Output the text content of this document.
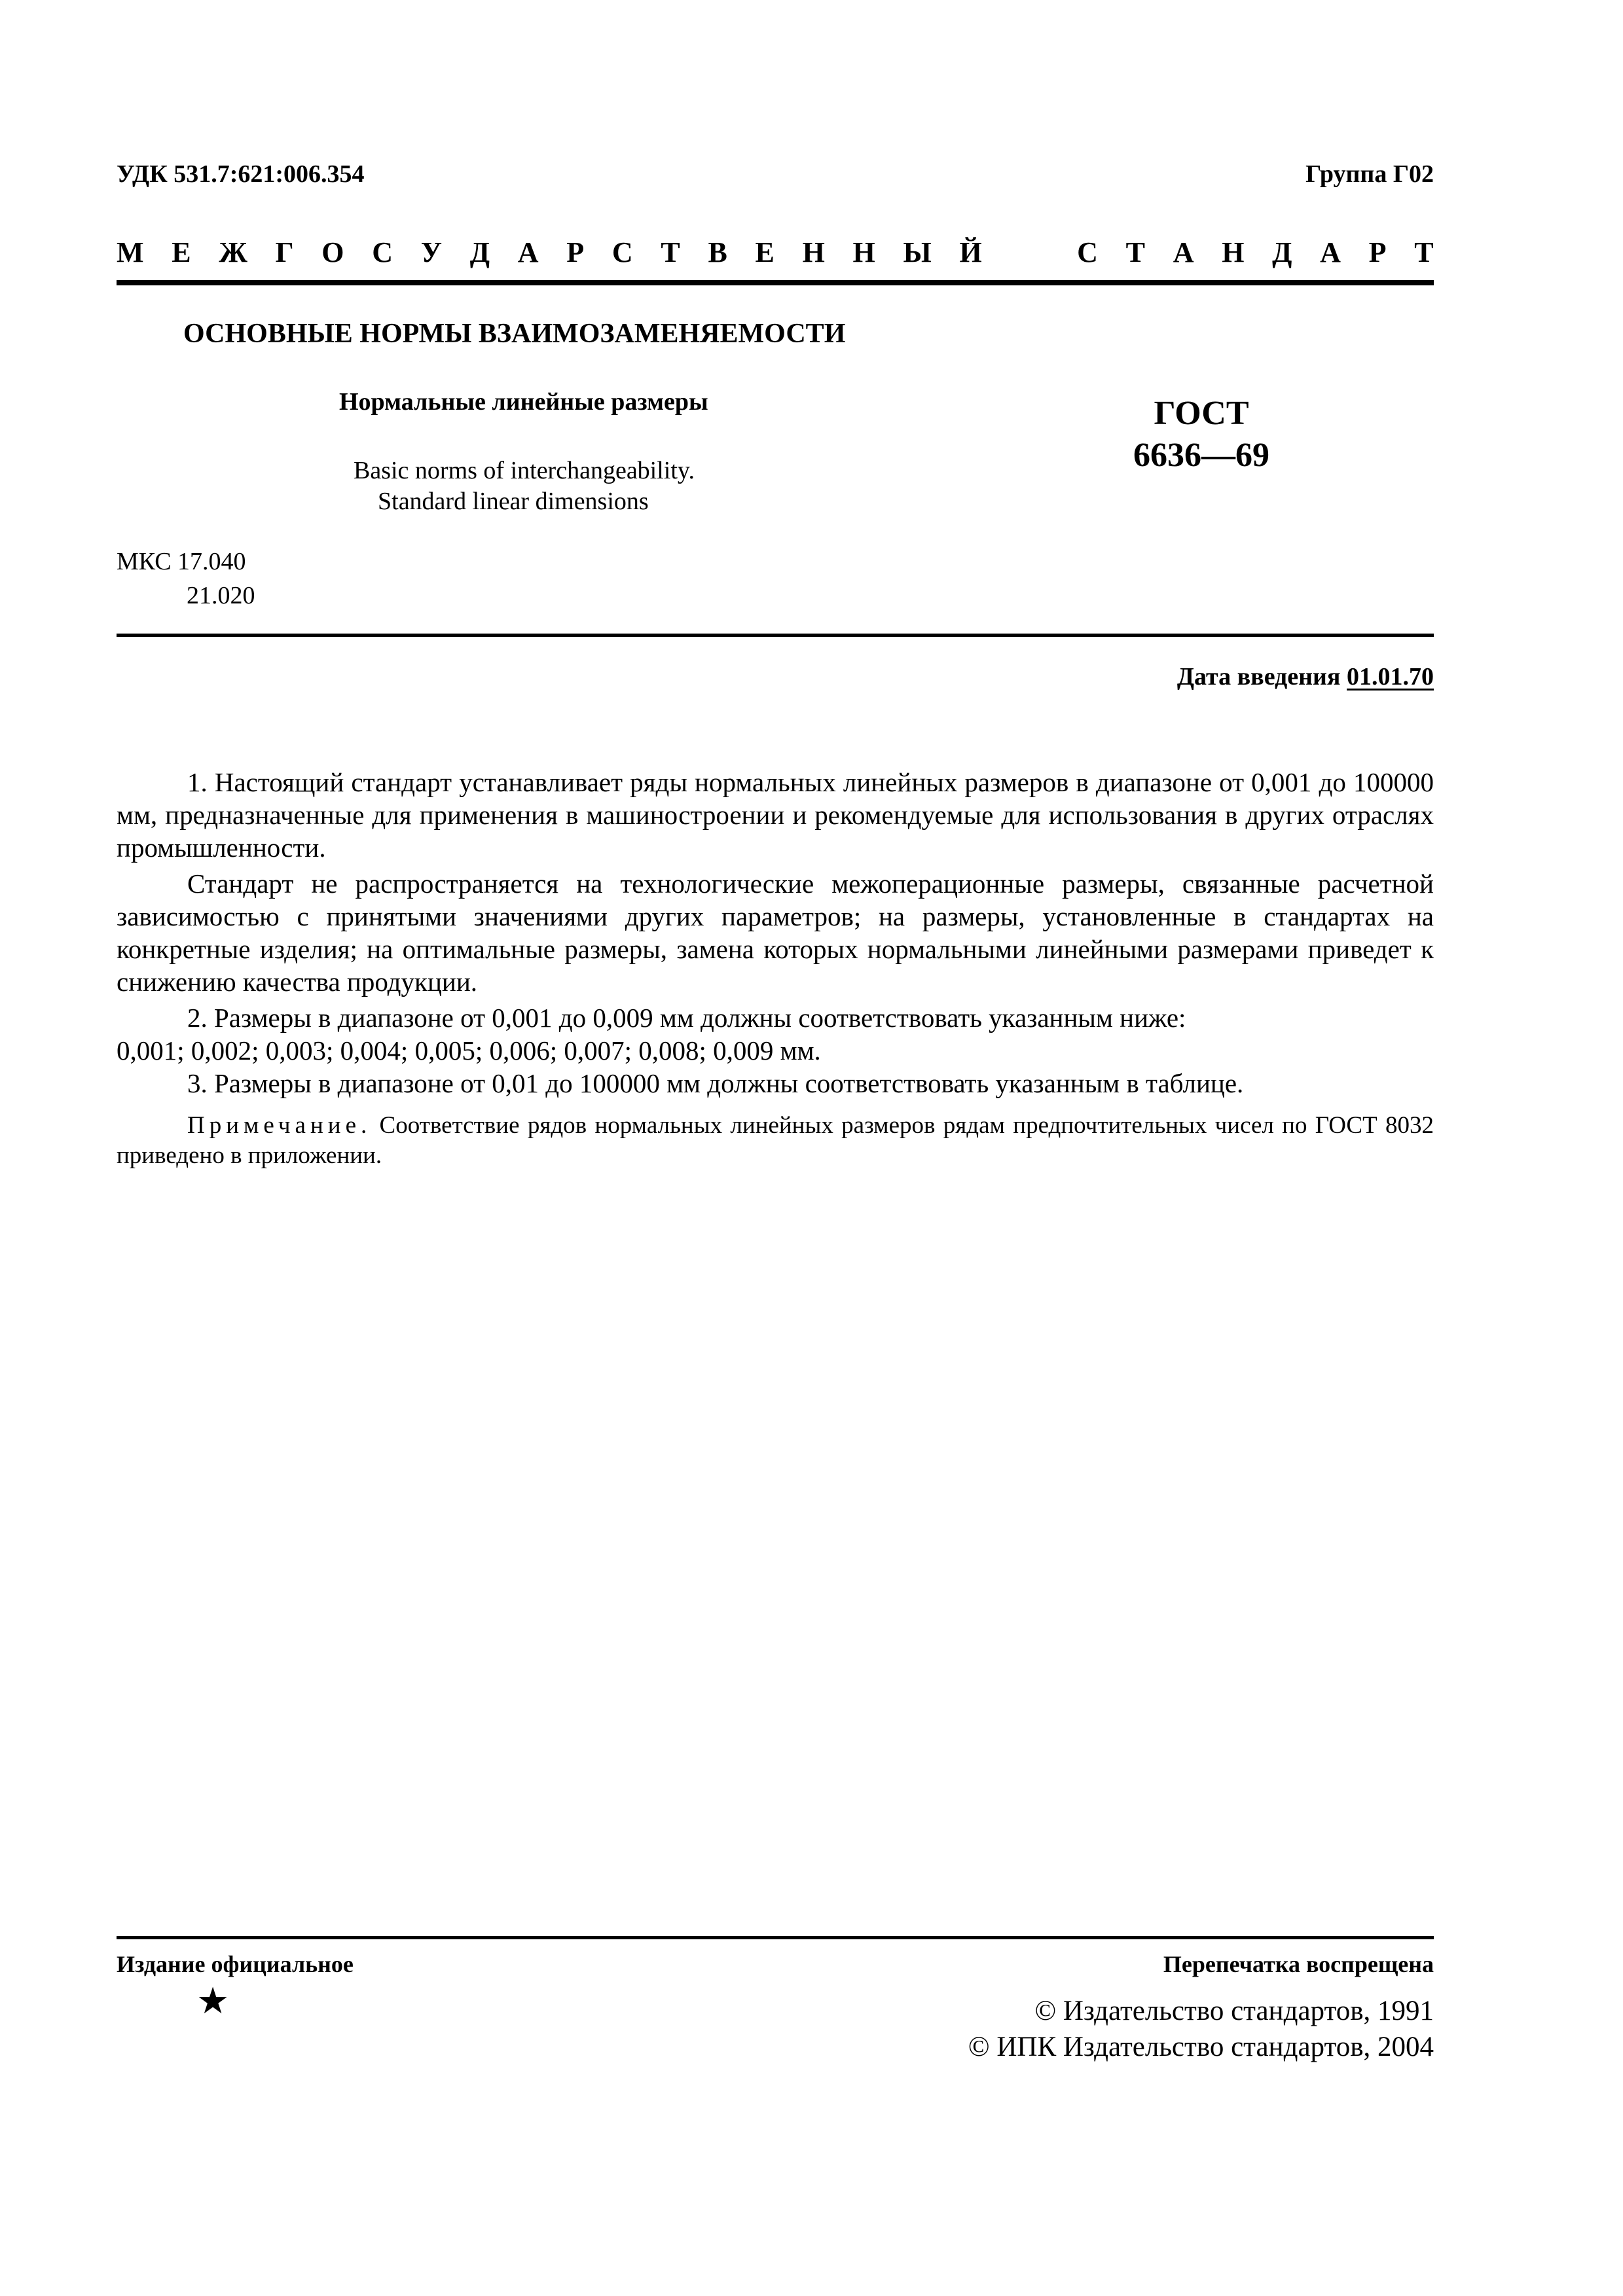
УДК 531.7:621:006.354	Группа Г02
М Е Ж Г О С У Д А Р С Т В Е Н Н Ы Й	С Т А Н Д А Р Т
ОСНОВНЫЕ НОРМЫ ВЗАИМОЗАМЕНЯЕМОСТИ
Нормальные линейные размеры
Basic norms of interchangeability.
Standard linear dimensions
ГОСТ
6636—69
МКС 17.040
21.020
Дата введения 01.01.70

1. Настоящий стандарт устанавливает ряды нормальных линейных размеров в диапазоне от 0,001 до 100000 мм, предназначенные для применения в машиностроении и рекомендуемые для использования в других отраслях промышленности.

Стандарт не распространяется на технологические межоперационные размеры, связанные расчетной зависимостью с принятыми значениями других параметров; на размеры, установленные в стандартах на конкретные изделия; на оптимальные размеры, замена которых нормальными линейными размерами приведет к снижению качества продукции.

2. Размеры в диапазоне от 0,001 до 0,009 мм должны соответствовать указанным ниже:

0,001; 0,002; 0,003; 0,004; 0,005; 0,006; 0,007; 0,008; 0,009 мм.

3. Размеры в диапазоне от 0,01 до 100000 мм должны соответствовать указанным в таблице.

Примечание. Соответствие рядов нормальных линейных размеров рядам предпочтительных чисел по ГОСТ 8032 приведено в приложении.

Издание официальное	Перепечатка воспрещена
★	© Издательство стандартов, 1991
© ИПК Издательство стандартов, 2004
